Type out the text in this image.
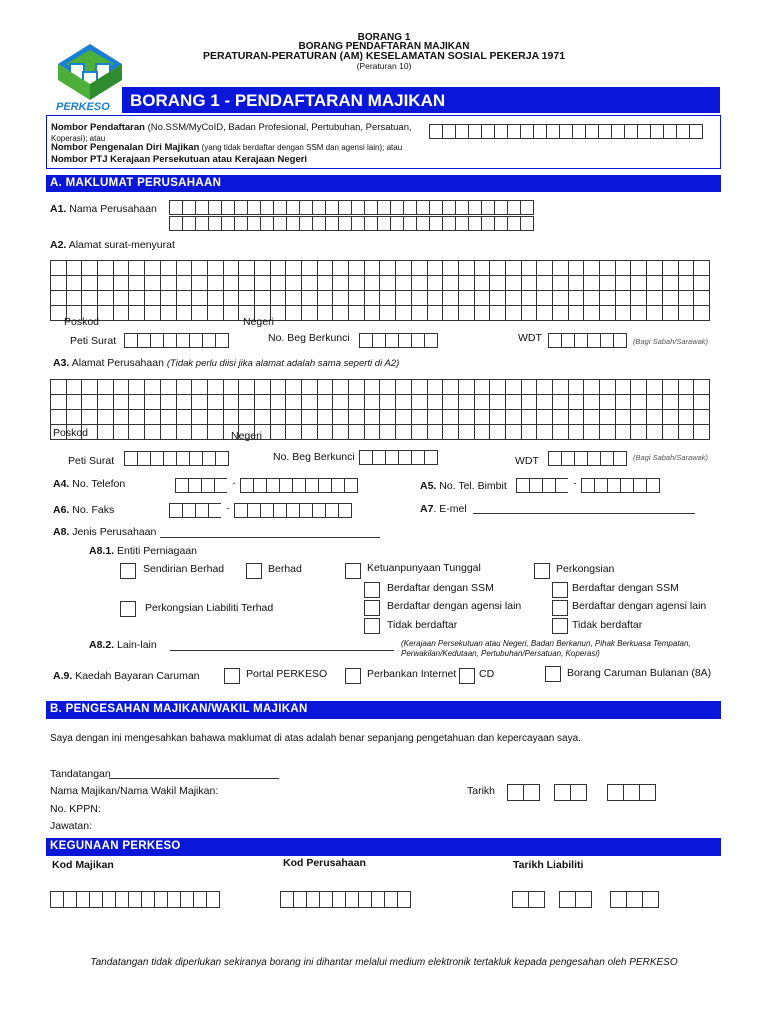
BORANG 1
BORANG PENDAFTARAN MAJIKAN
PERATURAN-PERATURAN (AM) KESELAMATAN SOSIAL PEKERJA 1971
(Peraturan 10)
PERKESO BORANG 1 - PENDAFTARAN MAJIKAN
Nombor Pendaftaran (No.SSM/MyCoID, Badan Profesional, Pertubuhan, Persatuan,
Koperasi); atau
Nombor Pengenalan Diri Majikan (yang tidak berdaftar dengan SSM dan agensi lain); atau
Nombor PTJ Kerajaan Persekutuan atau Kerajaan Negeri
A. MAKLUMAT PERUSAHAAN
A1. Nama Perusahaan
A2. Alamat surat-menyurat
Poskod	Negeri
Peti Surat	No. Beg Berkunci	WDT	(Bagi Sabah/Sarawak)
A3. Alamat Perusahaan (Tidak perlu diisi jika alamat adalah sama seperti di A2)
Poskod	Negeri
Peti Surat	No. Beg Berkunci	WDT	(Bagi Sabah/Sarawak)
A4. No. Telefon	-	A5. No. Tel. Bimbit	-
A6. No. Faks	-	A7. E-mel
A8. Jenis Perusahaan
A8.1. Entiti Perniagaan
Sendirian Berhad	Berhad	Ketuanpunyaan Tunggal	Perkongsian
Berdaftar dengan SSM
Berdaftar dengan agensi lain
Tidak berdaftar
Berdaftar dengan SSM
Berdaftar dengan agensi lain
Tidak berdaftar
Perkongsian Liabiliti Terhad
A8.2. Lain-lain	(Kerajaan Persekutuan atau Negeri, Badan Berkanun, Pihak Berkuasa Tempatan,
Perwakilan/Kedutaan, Pertubuhan/Persatuan, Koperasi)
A.9. Kaedah Bayaran Caruman	Portal PERKESO	Perbankan Internet CD	Borang Caruman Bulanan (8A)
B. PENGESAHAN MAJIKAN/WAKIL MAJIKAN
Saya dengan ini mengesahkan bahawa maklumat di atas adalah benar sepanjang pengetahuan dan kepercayaan saya.
Tandatangan
Nama Majikan/Nama Wakil Majikan:
No. KPPN:
Jawatan:
Tarikh
KEGUNAAN PERKESO
Kod Majikan	Kod Perusahaan	Tarikh Liabiliti
Tandatangan tidak diperlukan sekiranya borang ini dihantar melalui medium elektronik tertakluk kepada pengesahan oleh PERKESO
